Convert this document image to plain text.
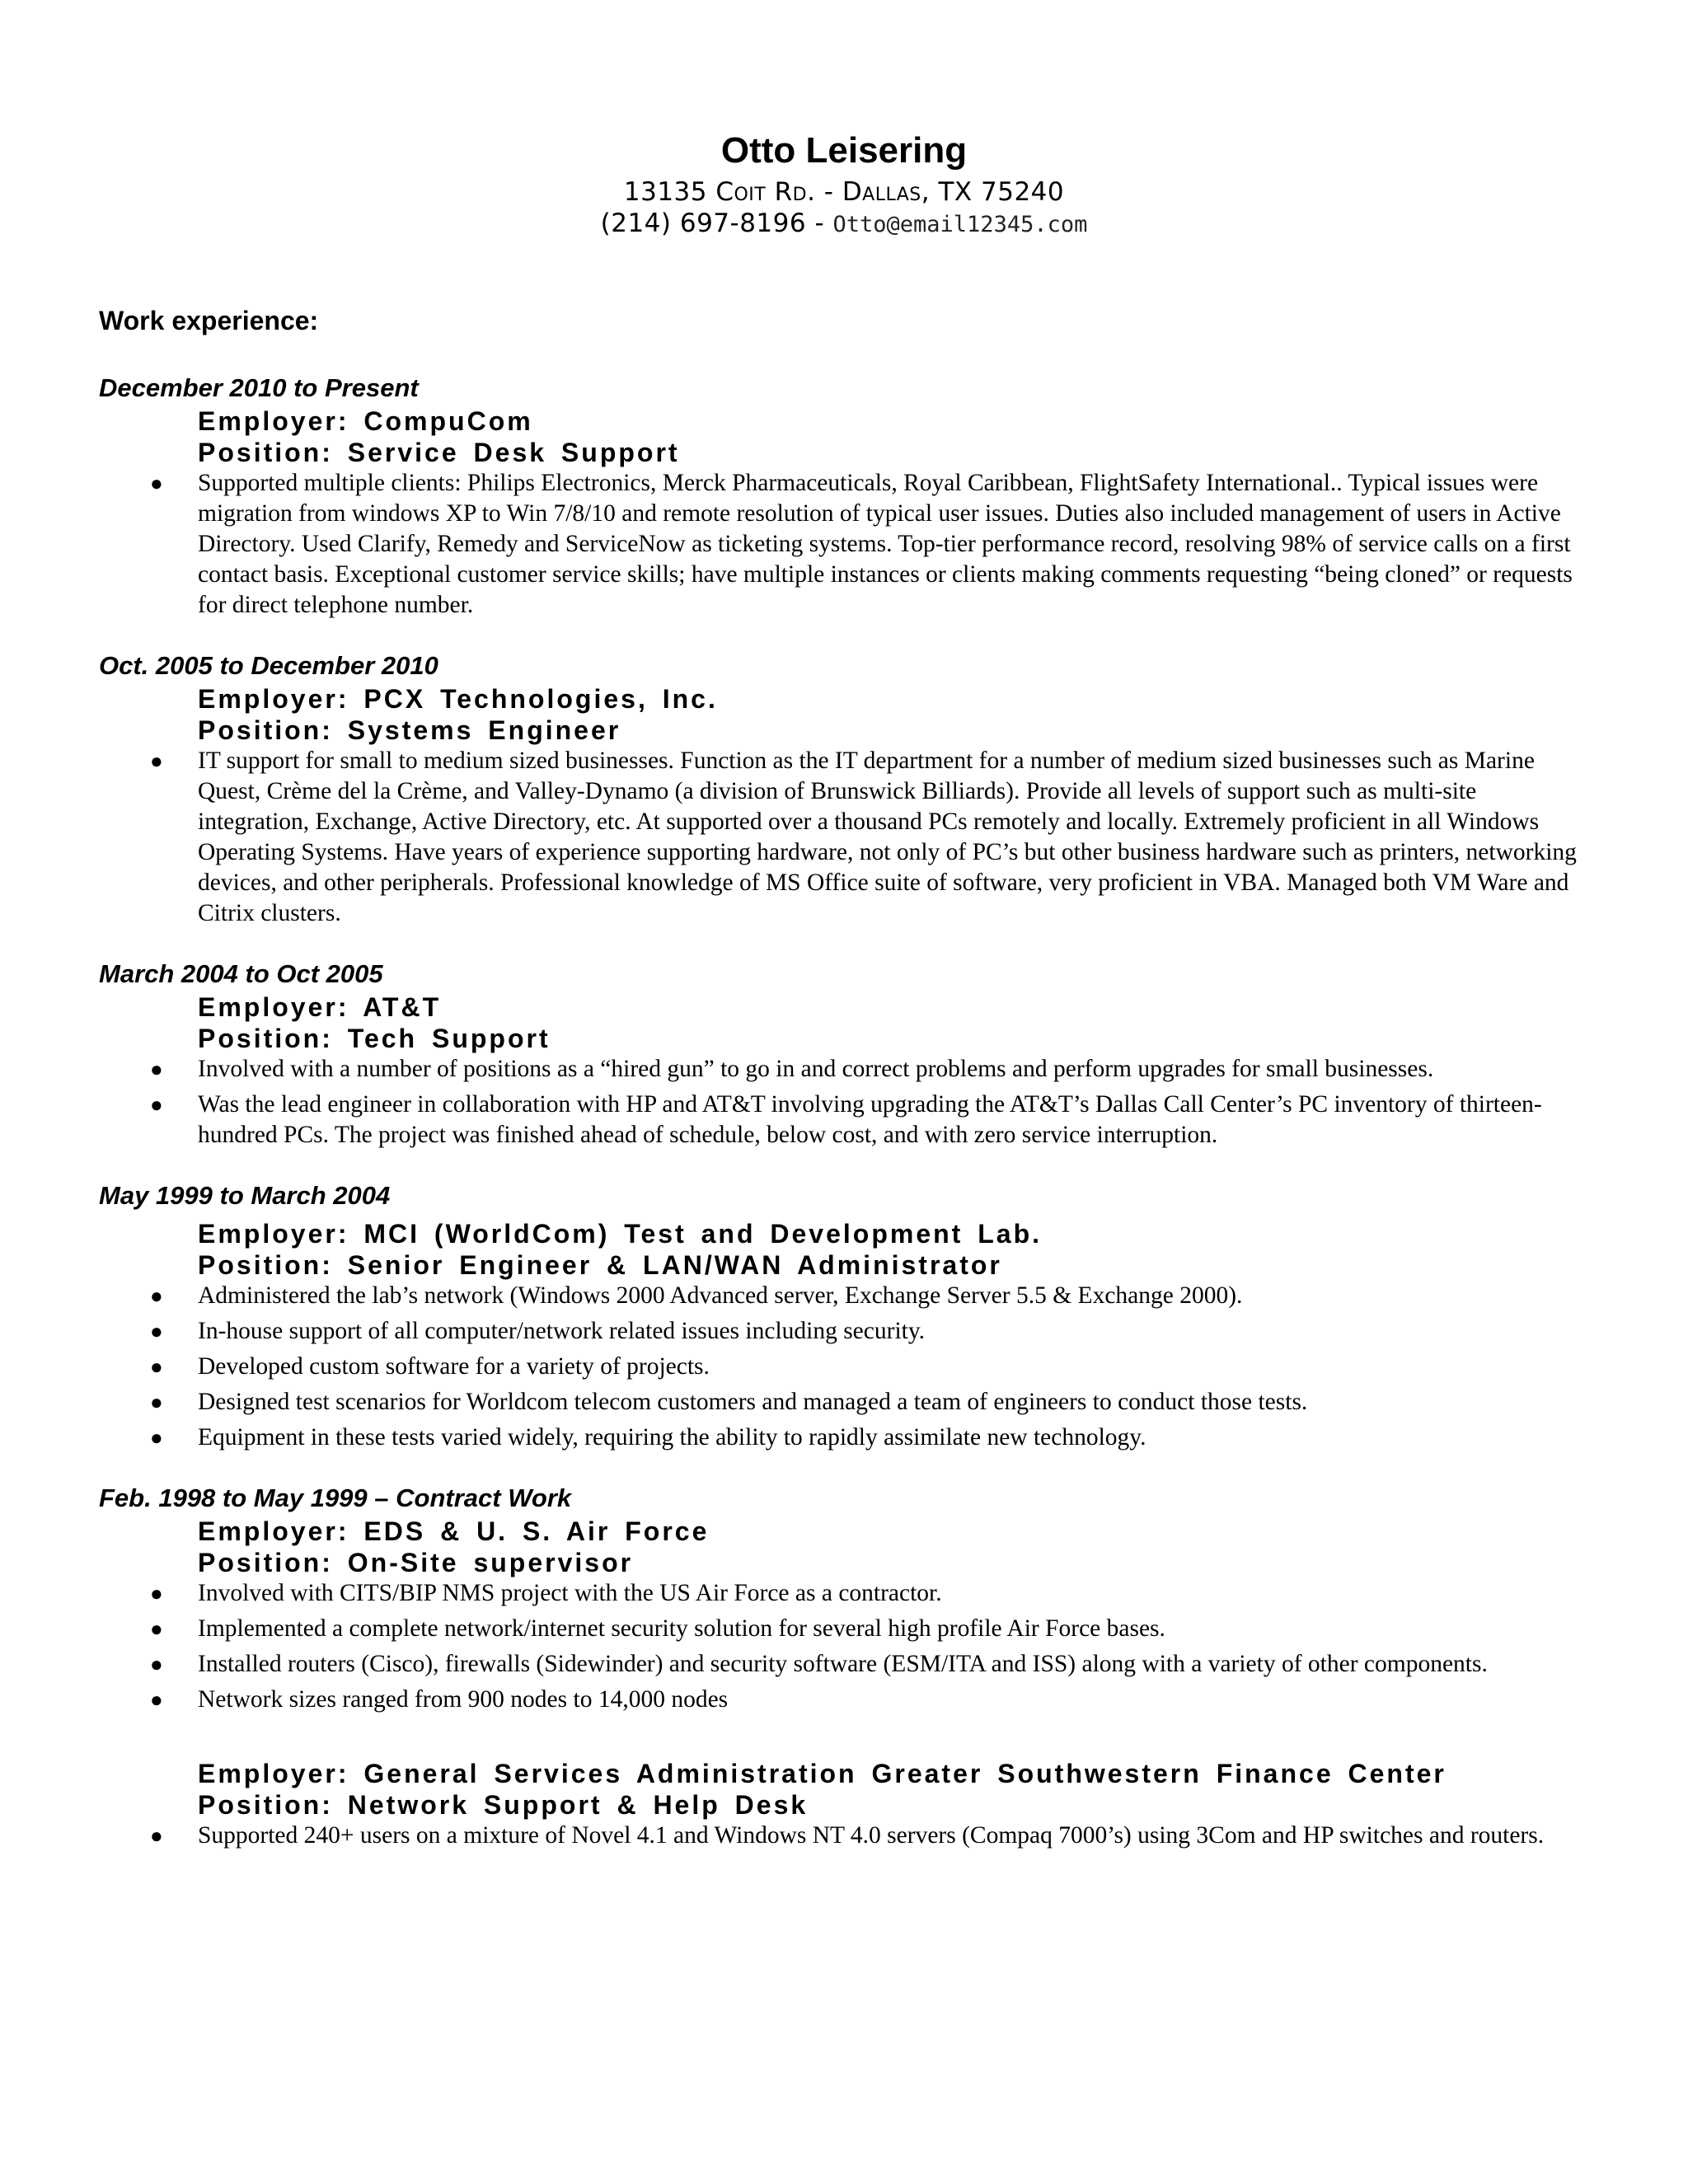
Otto Leisering
13135 Coit Rd. - Dallas, TX 75240
(214) 697-8196 - Otto@email12345.com
Work experience:
December 2010 to Present
Employer: CompuCom
Position: Service Desk Support
● Supported multiple clients: Philips Electronics, Merck Pharmaceuticals, Royal Caribbean, FlightSafety International.. Typical issues were migration from windows XP to Win 7/8/10 and remote resolution of typical user issues. Duties also included management of users in Active Directory. Used Clarify, Remedy and ServiceNow as ticketing systems. Top-tier performance record, resolving 98% of service calls on a first contact basis. Exceptional customer service skills; have multiple instances or clients making comments requesting “being cloned” or requests for direct telephone number.
Oct. 2005 to December 2010
Employer: PCX Technologies, Inc.
Position: Systems Engineer
● IT support for small to medium sized businesses. Function as the IT department for a number of medium sized businesses such as Marine Quest, Crème del la Crème, and Valley-Dynamo (a division of Brunswick Billiards). Provide all levels of support such as multi-site integration, Exchange, Active Directory, etc. At supported over a thousand PCs remotely and locally. Extremely proficient in all Windows Operating Systems. Have years of experience supporting hardware, not only of PC’s but other business hardware such as printers, networking devices, and other peripherals. Professional knowledge of MS Office suite of software, very proficient in VBA. Managed both VM Ware and Citrix clusters.
March 2004 to Oct 2005
Employer: AT&T
Position: Tech Support
● Involved with a number of positions as a “hired gun” to go in and correct problems and perform upgrades for small businesses.
● Was the lead engineer in collaboration with HP and AT&T involving upgrading the AT&T’s Dallas Call Center’s PC inventory of thirteen-hundred PCs. The project was finished ahead of schedule, below cost, and with zero service interruption.
May 1999 to March 2004
Employer: MCI (WorldCom) Test and Development Lab.
Position: Senior Engineer & LAN/WAN Administrator
● Administered the lab’s network (Windows 2000 Advanced server, Exchange Server 5.5 & Exchange 2000).
● In-house support of all computer/network related issues including security.
● Developed custom software for a variety of projects.
● Designed test scenarios for Worldcom telecom customers and managed a team of engineers to conduct those tests.
● Equipment in these tests varied widely, requiring the ability to rapidly assimilate new technology.
Feb. 1998 to May 1999 – Contract Work
Employer: EDS & U. S. Air Force
Position: On-Site supervisor
● Involved with CITS/BIP NMS project with the US Air Force as a contractor.
● Implemented a complete network/internet security solution for several high profile Air Force bases.
● Installed routers (Cisco), firewalls (Sidewinder) and security software (ESM/ITA and ISS) along with a variety of other components.
● Network sizes ranged from 900 nodes to 14,000 nodes
Employer: General Services Administration Greater Southwestern Finance Center
Position: Network Support & Help Desk
● Supported 240+ users on a mixture of Novel 4.1 and Windows NT 4.0 servers (Compaq 7000’s) using 3Com and HP switches and routers.
